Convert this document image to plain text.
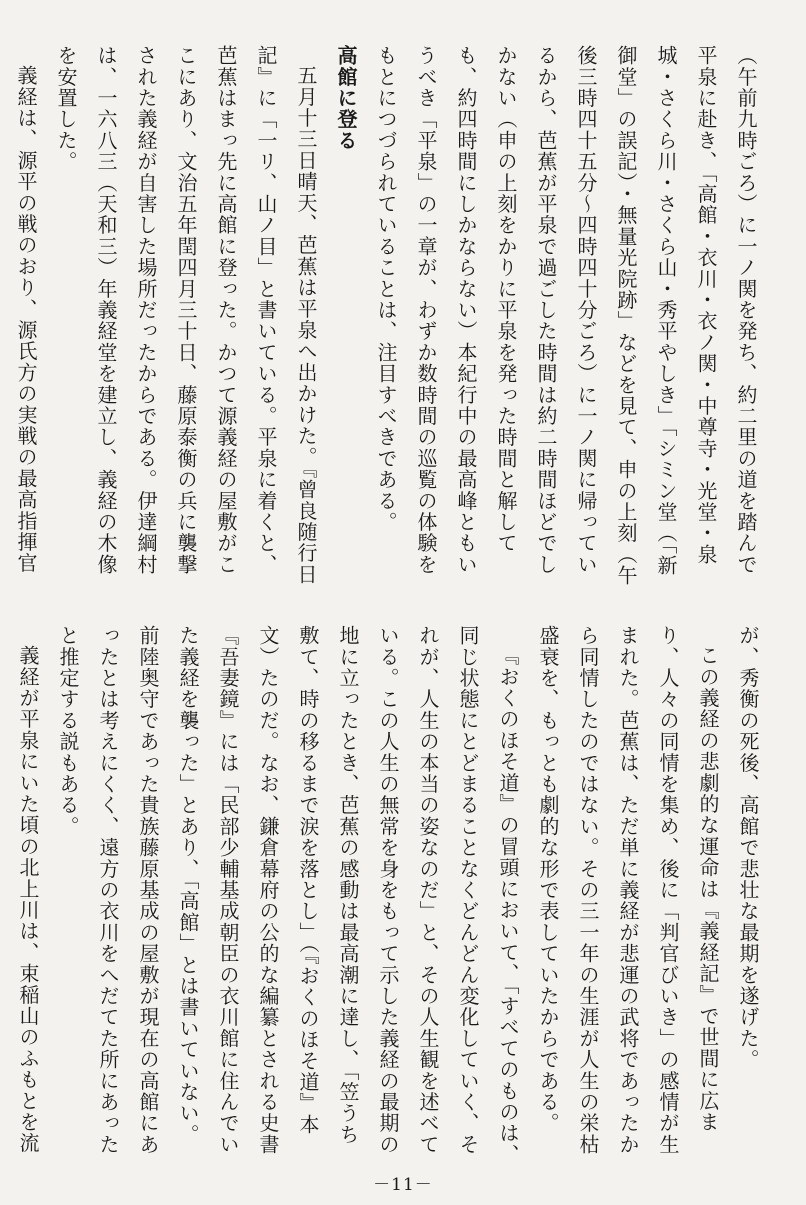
（午前九時ごろ）に一ノ関を発ち、約二里の道を踏んで平泉に赴き、「高館・衣川・衣ノ関・中尊寺・光堂・泉城・さくら川・さくら山・秀平やしき」「シミン堂（「新御堂」の誤記）・無量光院跡」などを見て、申の上刻（午後三時四十五分～四時四十分ごろ）に一ノ関に帰っているから、芭蕉が平泉で過ごした時間は約二時間ほどでしかない（申の上刻をかりに平泉を発った時間と解しても、約四時間にしかならない）本紀行中の最高峰ともいうべき「平泉」の一章が、わずか数時間の巡覧の体験をもとにつづられていることは、注目すべきである。

高館に登る

五月十三日晴天、芭蕉は平泉へ出かけた。『曾良随行日記』に「一リ、山ノ目」と書いている。平泉に着くと、芭蕉はまっ先に高館に登った。かつて源義経の屋敷がここにあり、文治五年閏四月三十日、藤原泰衡の兵に襲撃された義経が自害した場所だったからである。伊達綱村は、一六八三（天和三）年義経堂を建立し、義経の木像を安置した。

義経は、源平の戦のおり、源氏方の実戦の最高指揮官

が、秀衡の死後、高館で悲壮な最期を遂げた。

この義経の悲劇的な運命は『義経記』で世間に広まり、人々の同情を集め、後に「判官びいき」の感情が生まれた。芭蕉は、ただ単に義経が悲運の武将であったから同情したのではない。その三一年の生涯が人生の栄枯盛衰を、もっとも劇的な形で表していたからである。

『おくのほそ道』の冒頭において、「すべてのものは、同じ状態にとどまることなくどんどん変化していく、それが、人生の本当の姿なのだ」と、その人生観を述べている。この人生の無常を身をもって示した義経の最期の地に立ったとき、芭蕉の感動は最高潮に達し、「笠うち敷て、時の移るまで涙を落とし」（『おくのほそ道』本文）たのだ。なお、鎌倉幕府の公的な編纂とされる史書『吾妻鏡』には「民部少輔基成朝臣の衣川館に住んでいた義経を襲った」とあり、「高館」とは書いていない。前陸奥守であった貴族藤原基成の屋敷が現在の高館にあったとは考えにくく、遠方の衣川をへだてた所にあったと推定する説もある。

義経が平泉にいた頃の北上川は、束稲山のふもとを流

－11－
